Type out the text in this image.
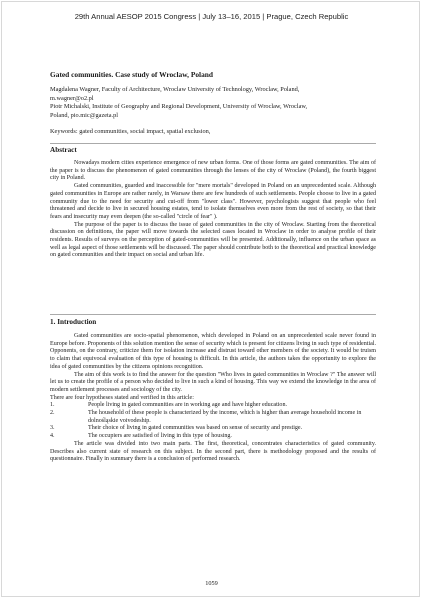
29th Annual AESOP 2015 Congress | July 13–16, 2015 | Prague, Czech Republic
Gated communities. Case study of Wroclaw, Poland

Magdalena Wagner, Faculty of Architecture, Wroclaw University of Technology, Wroclaw, Poland,

m.wagner@o2.pl

Piotr Michalski, Institute of Geography and Regional Development, University of Wroclaw, Wroclaw,

Poland, pio.mic@gazeta.pl

Keywords: gated communities, social impact, spatial exclusion,

Abstract

Nowadays modern cities experience emergence of new urban forms. One of those forms are gated communities. The aim of the paper is to discuss the phenomenon of gated communities through the lenses of the city of Wroclaw (Poland), the fourth biggest city in Poland.

Gated communities, guarded and inaccessible for "mere mortals" developed in Poland on an unprecedented scale. Although gated communities in Europe are rather rarely, in Warsaw there are few hundreds of such settlements. People choose to live in a gated community due to the need for security and cut-off from "lower class". However, psychologists suggest that people who feel threatened and decide to live in secured housing estates, tend to isolate themselves even more from the rest of society, so that their fears and insecurity may even deepen (the so-called "circle of fear" ).

The purpose of the paper is to discuss the issue of gated communities in the city of Wroclaw. Starting from the theoretical discussion on definitions, the paper will move towards the selected cases located in Wroclaw in order to analyse profile of their residents. Results of surveys on the perception of gated-communities will be presented. Additionally, influence on the urban space as well as legal aspect of those settlements will be discussed. The paper should contribute both to the theoretical and practical knowledge on gated communities and their impact on social and urban life.

1. Introduction

Gated communities are socio-spatial phenomenon, which developed in Poland on an unprecedented scale never found in Europe before. Proponents of this solution mention the sense of security which is present for citizens living in such type of residential. Opponents, on the contrary, criticize them for isolation increase and distrust toward other members of the society. It would be truism to claim that equivocal evaluation of this type of housing is difficult. In this article, the authors takes the opportunity to explore the idea of gated communities by the citizens opinions recognition.

The aim of this work is to find the answer for the question "Who lives in gated communities in Wroclaw ?" The answer will let us to create the profile of a person who decided to live in such a kind of housing. This way we extend the knowledge in the area of modern settlement processes and sociology of the city.

There are four hypotheses stated and verified in this article:

1.	People living in gated communities are in working age and have higher education.
2.	The household of these people is characterized by the income, which is higher than average household income in dolnośląskie voivodeship.
3.	Their choice of living in gated communities was based on sense of security and prestige.
4.	The occupiers are satisfied of living in this type of housing.

The article was divided into two main parts. The first, theoretical, concentrates characteristics of gated community. Describes also current state of research on this subject. In the second part, there is methodology proposed and the results of questionnaire. Finally in summary there is a conclusion of performed research.

1059
